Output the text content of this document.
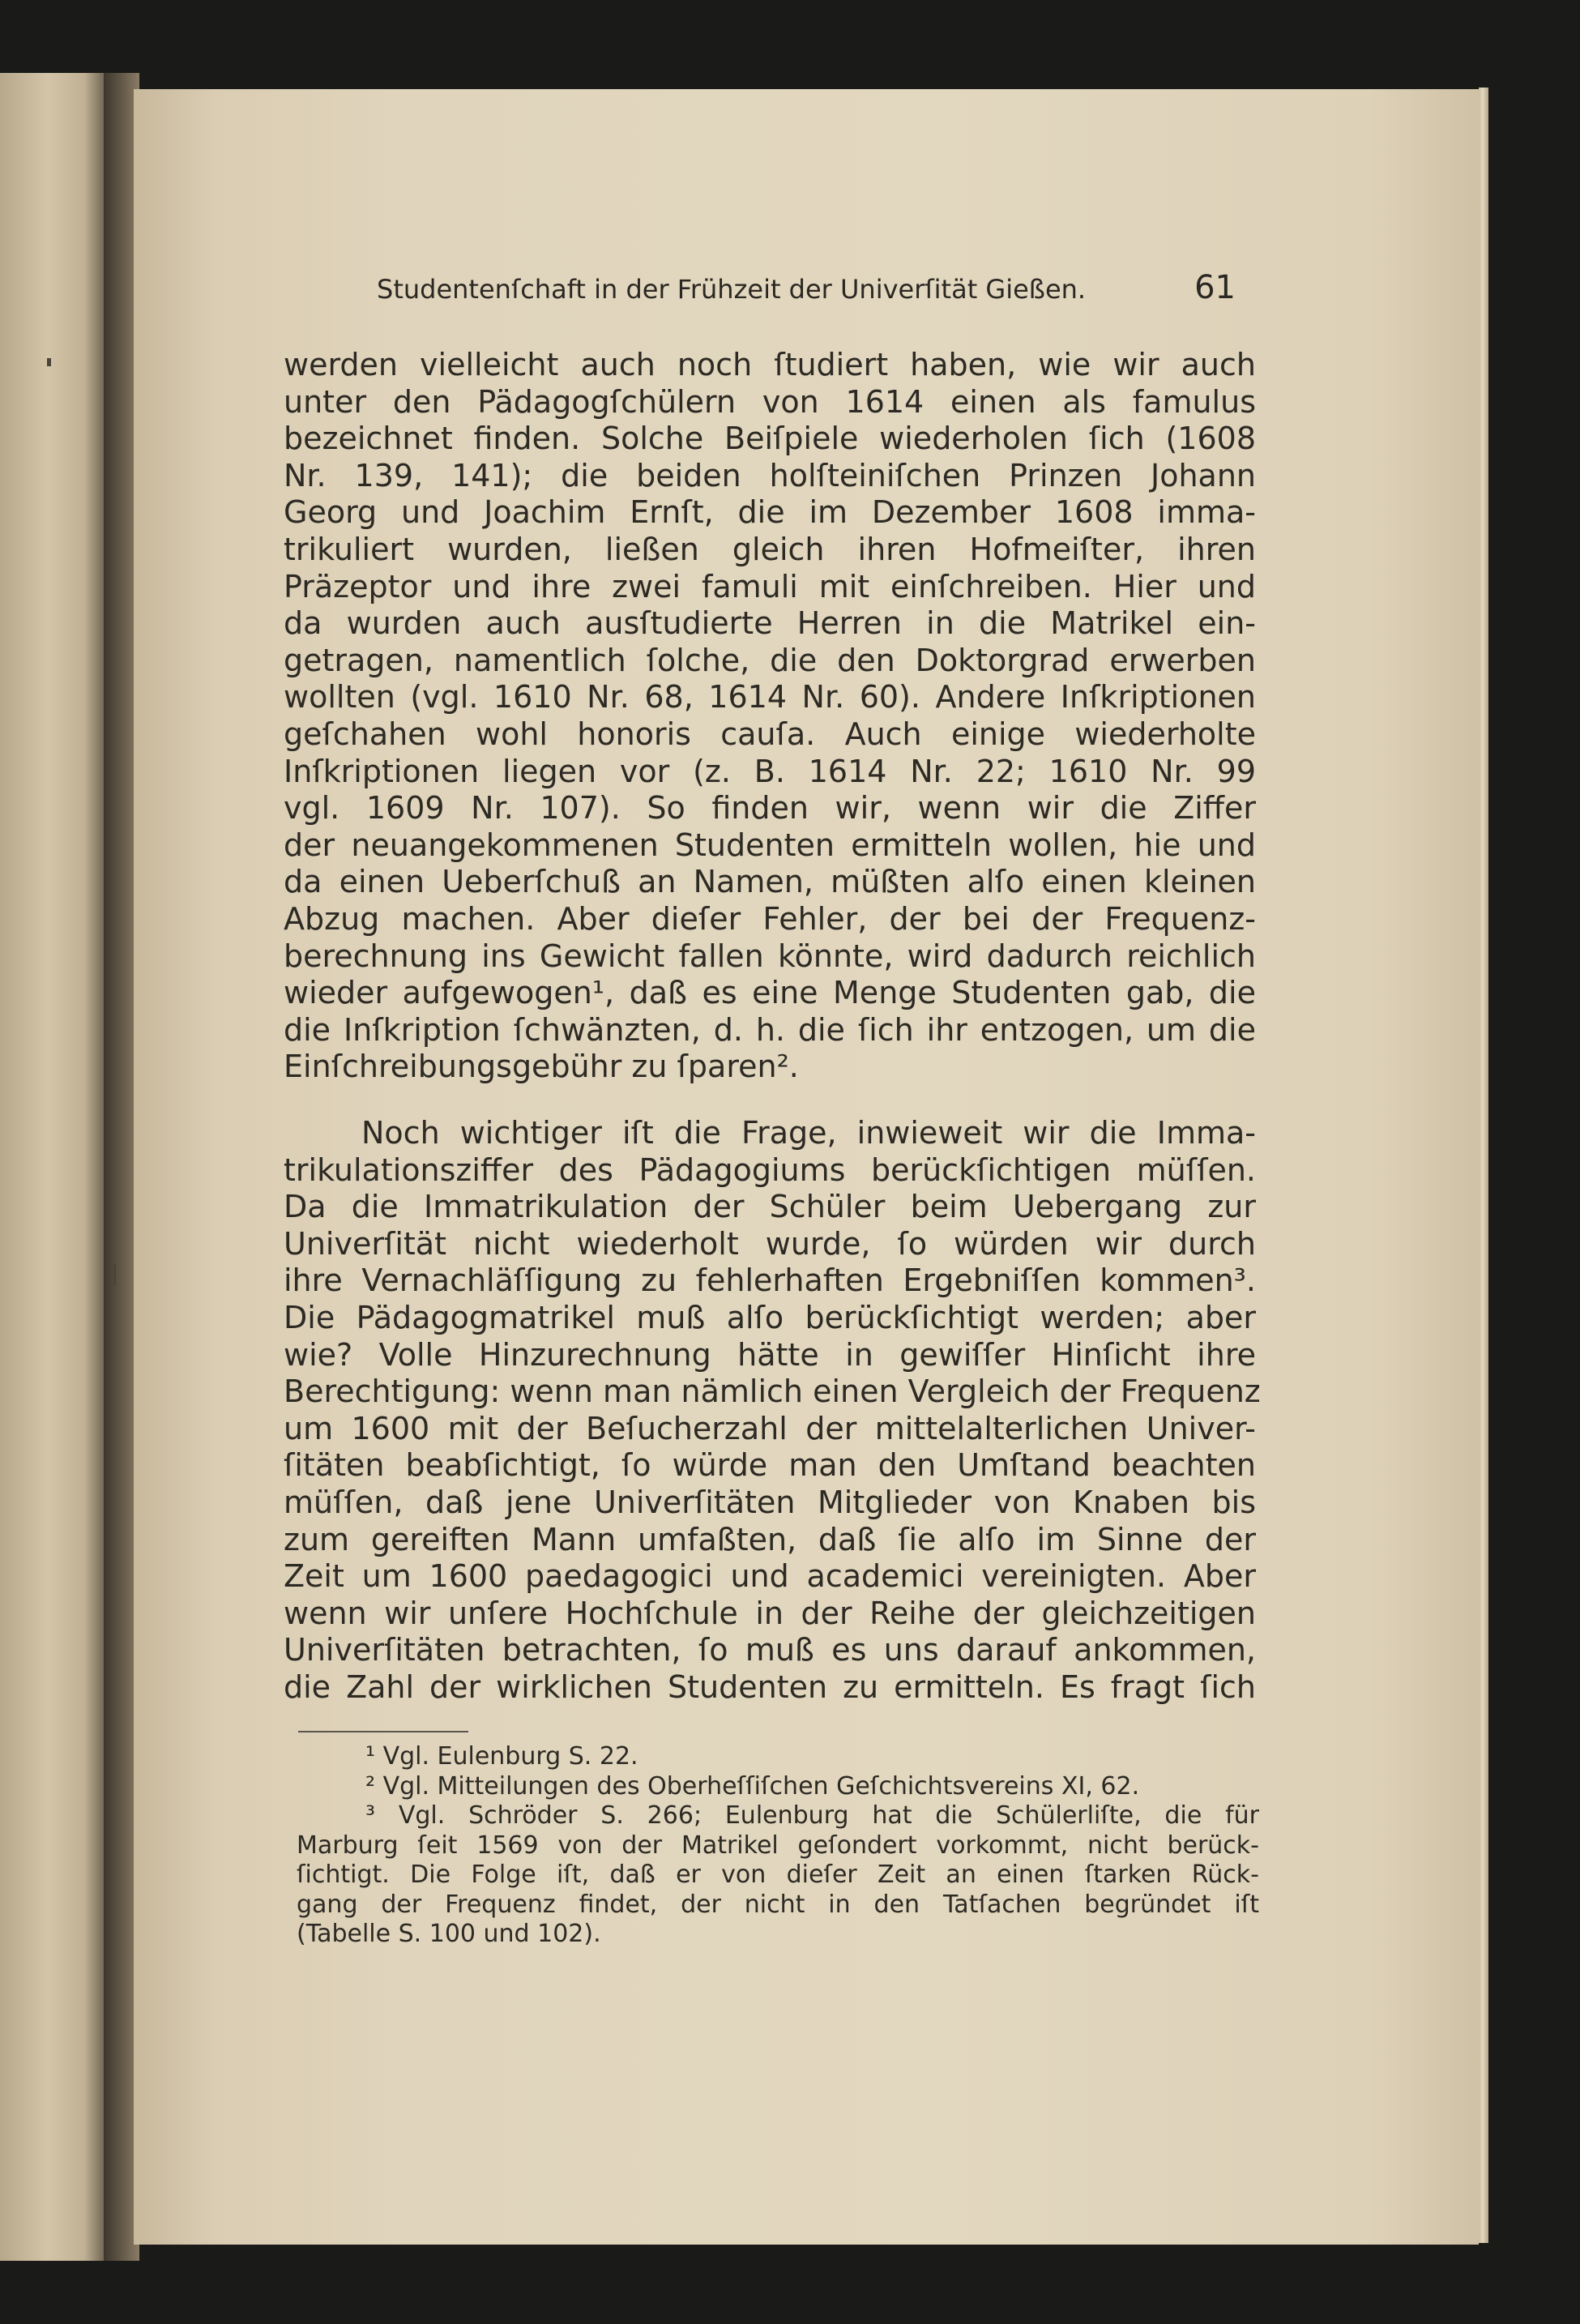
Studentenſchaft in der Frühzeit der Univerſität Gießen.	61
werden vielleicht auch noch ſtudiert haben, wie wir auch
unter den Pädagogſchülern von 1614 einen als famulus
bezeichnet finden. Solche Beiſpiele wiederholen ſich (1608
Nr. 139, 141); die beiden holſteiniſchen Prinzen Johann
Georg und Joachim Ernſt, die im Dezember 1608 imma-
trikuliert wurden, ließen gleich ihren Hofmeiſter, ihren
Präzeptor und ihre zwei famuli mit einſchreiben. Hier und
da wurden auch ausſtudierte Herren in die Matrikel ein-
getragen, namentlich ſolche, die den Doktorgrad erwerben
wollten (vgl. 1610 Nr. 68, 1614 Nr. 60). Andere Inſkriptionen
geſchahen wohl honoris cauſa. Auch einige wiederholte
Inſkriptionen liegen vor (z. B. 1614 Nr. 22; 1610 Nr. 99
vgl. 1609 Nr. 107). So finden wir, wenn wir die Ziffer
der neuangekommenen Studenten ermitteln wollen, hie und
da einen Ueberſchuß an Namen, müßten alſo einen kleinen
Abzug machen. Aber dieſer Fehler, der bei der Frequenz-
berechnung ins Gewicht fallen könnte, wird dadurch reichlich
wieder aufgewogen¹, daß es eine Menge Studenten gab, die
die Inſkription ſchwänzten, d. h. die ſich ihr entzogen, um die
Einſchreibungsgebühr zu ſparen².
Noch wichtiger iſt die Frage, inwieweit wir die Imma-
trikulationsziffer des Pädagogiums berückſichtigen müſſen.
Da die Immatrikulation der Schüler beim Uebergang zur
Univerſität nicht wiederholt wurde, ſo würden wir durch
ihre Vernachläſſigung zu fehlerhaften Ergebniſſen kommen³.
Die Pädagogmatrikel muß alſo berückſichtigt werden; aber
wie? Volle Hinzurechnung hätte in gewiſſer Hinſicht ihre
Berechtigung: wenn man nämlich einen Vergleich der Frequenz
um 1600 mit der Beſucherzahl der mittelalterlichen Univer-
ſitäten beabſichtigt, ſo würde man den Umſtand beachten
müſſen, daß jene Univerſitäten Mitglieder von Knaben bis
zum gereiften Mann umfaßten, daß ſie alſo im Sinne der
Zeit um 1600 paedagogici und academici vereinigten. Aber
wenn wir unſere Hochſchule in der Reihe der gleichzeitigen
Univerſitäten betrachten, ſo muß es uns darauf ankommen,
die Zahl der wirklichen Studenten zu ermitteln. Es fragt ſich
¹ Vgl. Eulenburg S. 22.
² Vgl. Mitteilungen des Oberheſſiſchen Geſchichtsvereins XI, 62.
³ Vgl. Schröder S. 266; Eulenburg hat die Schülerliſte, die für
Marburg ſeit 1569 von der Matrikel geſondert vorkommt, nicht berück-
ſichtigt. Die Folge iſt, daß er von dieſer Zeit an einen ſtarken Rück-
gang der Frequenz findet, der nicht in den Tatſachen begründet iſt
(Tabelle S. 100 und 102).
